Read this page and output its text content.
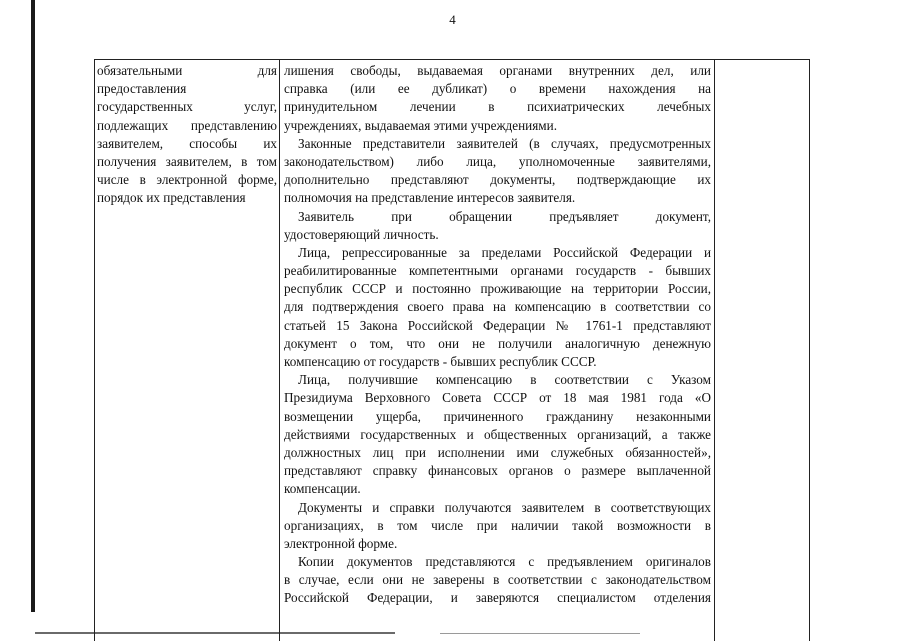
4
обязательными для
предоставления
государственных услуг,
подлежащих представлению
заявителем, способы их
получения заявителем, в том
числе в электронной форме,
порядок их представления
лишения свободы, выдаваемая органами внутренних дел, или
справка (или ее дубликат) о времени нахождения на
принудительном лечении в психиатрических лечебных
учреждениях, выдаваемая этими учреждениями.
Законные представители заявителей (в случаях, предусмотренных
законодательством) либо лица, уполномоченные заявителями,
дополнительно представляют документы, подтверждающие их
полномочия на представление интересов заявителя.
Заявитель при обращении предъявляет документ,
удостоверяющий личность.
Лица, репрессированные за пределами Российской Федерации и
реабилитированные компетентными органами государств - бывших
республик СССР и постоянно проживающие на территории России,
для подтверждения своего права на компенсацию в соответствии со
статьей 15 Закона Российской Федерации № 1761-1 представляют
документ о том, что они не получили аналогичную денежную
компенсацию от государств - бывших республик СССР.
Лица, получившие компенсацию в соответствии с Указом
Президиума Верховного Совета СССР от 18 мая 1981 года «О
возмещении ущерба, причиненного гражданину незаконными
действиями государственных и общественных организаций, а также
должностных лиц при исполнении ими служебных обязанностей»,
представляют справку финансовых органов о размере выплаченной
компенсации.
Документы и справки получаются заявителем в соответствующих
организациях, в том числе при наличии такой возможности в
электронной форме.
Копии документов представляются с предъявлением оригиналов
в случае, если они не заверены в соответствии с законодательством
Российской Федерации, и заверяются специалистом отделения
